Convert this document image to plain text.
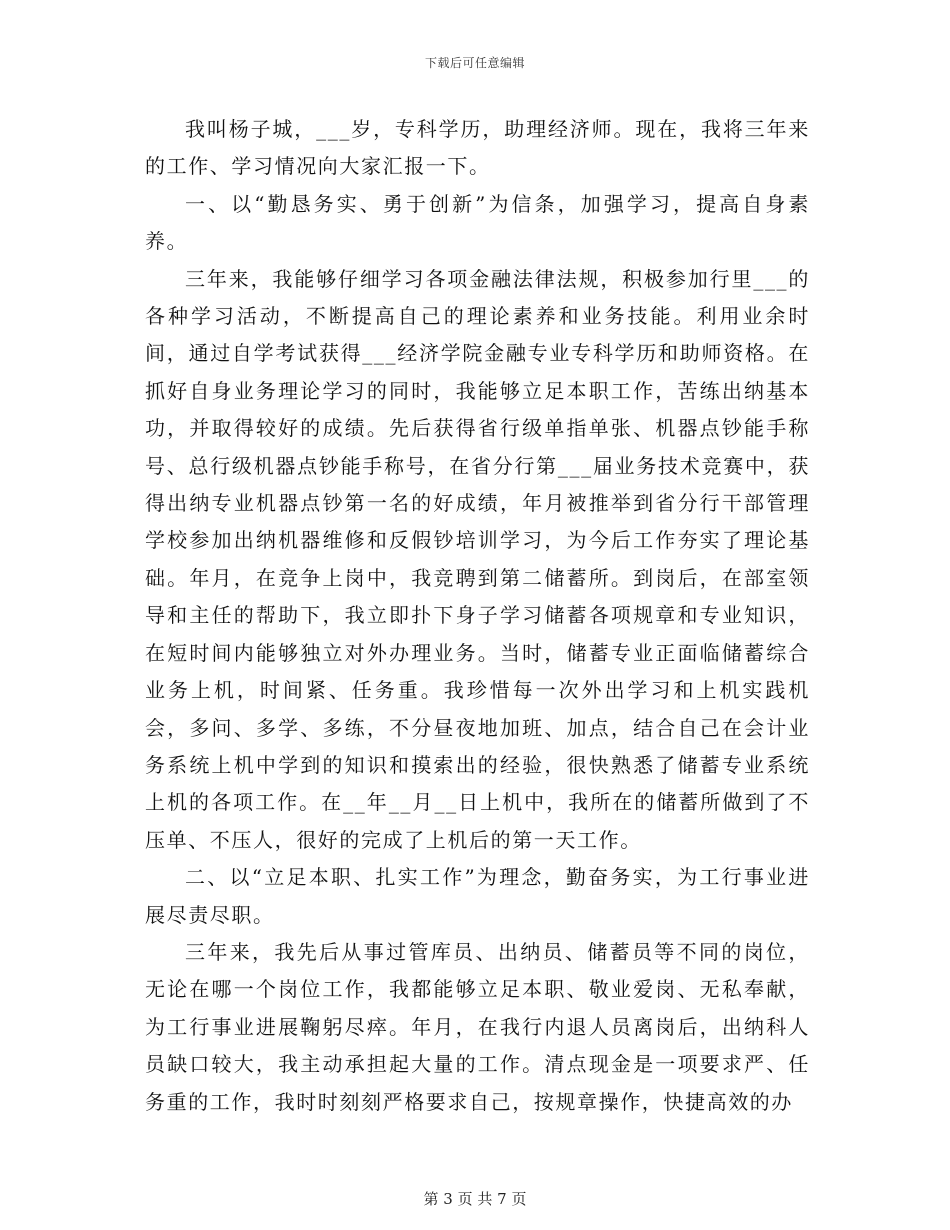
下载后可任意编辑

我叫杨子城，___岁，专科学历，助理经济师。现在，我将三年来的工作、学习情况向大家汇报一下。

一、以“勤恳务实、勇于创新”为信条，加强学习，提高自身素养。

三年来，我能够仔细学习各项金融法律法规，积极参加行里___的各种学习活动，不断提高自己的理论素养和业务技能。利用业余时间，通过自学考试获得___经济学院金融专业专科学历和助师资格。在抓好自身业务理论学习的同时，我能够立足本职工作，苦练出纳基本功，并取得较好的成绩。先后获得省行级单指单张、机器点钞能手称号、总行级机器点钞能手称号，在省分行第___届业务技术竞赛中，获得出纳专业机器点钞第一名的好成绩，年月被推举到省分行干部管理学校参加出纳机器维修和反假钞培训学习，为今后工作夯实了理论基础。年月，在竞争上岗中，我竞聘到第二储蓄所。到岗后，在部室领导和主任的帮助下，我立即扑下身子学习储蓄各项规章和专业知识，在短时间内能够独立对外办理业务。当时，储蓄专业正面临储蓄综合业务上机，时间紧、任务重。我珍惜每一次外出学习和上机实践机会，多问、多学、多练，不分昼夜地加班、加点，结合自己在会计业务系统上机中学到的知识和摸索出的经验，很快熟悉了储蓄专业系统上机的各项工作。在__年__月__日上机中，我所在的储蓄所做到了不压单、不压人，很好的完成了上机后的第一天工作。

二、以“立足本职、扎实工作”为理念，勤奋务实，为工行事业进展尽责尽职。

三年来，我先后从事过管库员、出纳员、储蓄员等不同的岗位，无论在哪一个岗位工作，我都能够立足本职、敬业爱岗、无私奉献，为工行事业进展鞠躬尽瘁。年月，在我行内退人员离岗后，出纳科人员缺口较大，我主动承担起大量的工作。清点现金是一项要求严、任务重的工作，我时时刻刻严格要求自己，按规章操作，快捷高效的办

第 3 页 共 7 页
